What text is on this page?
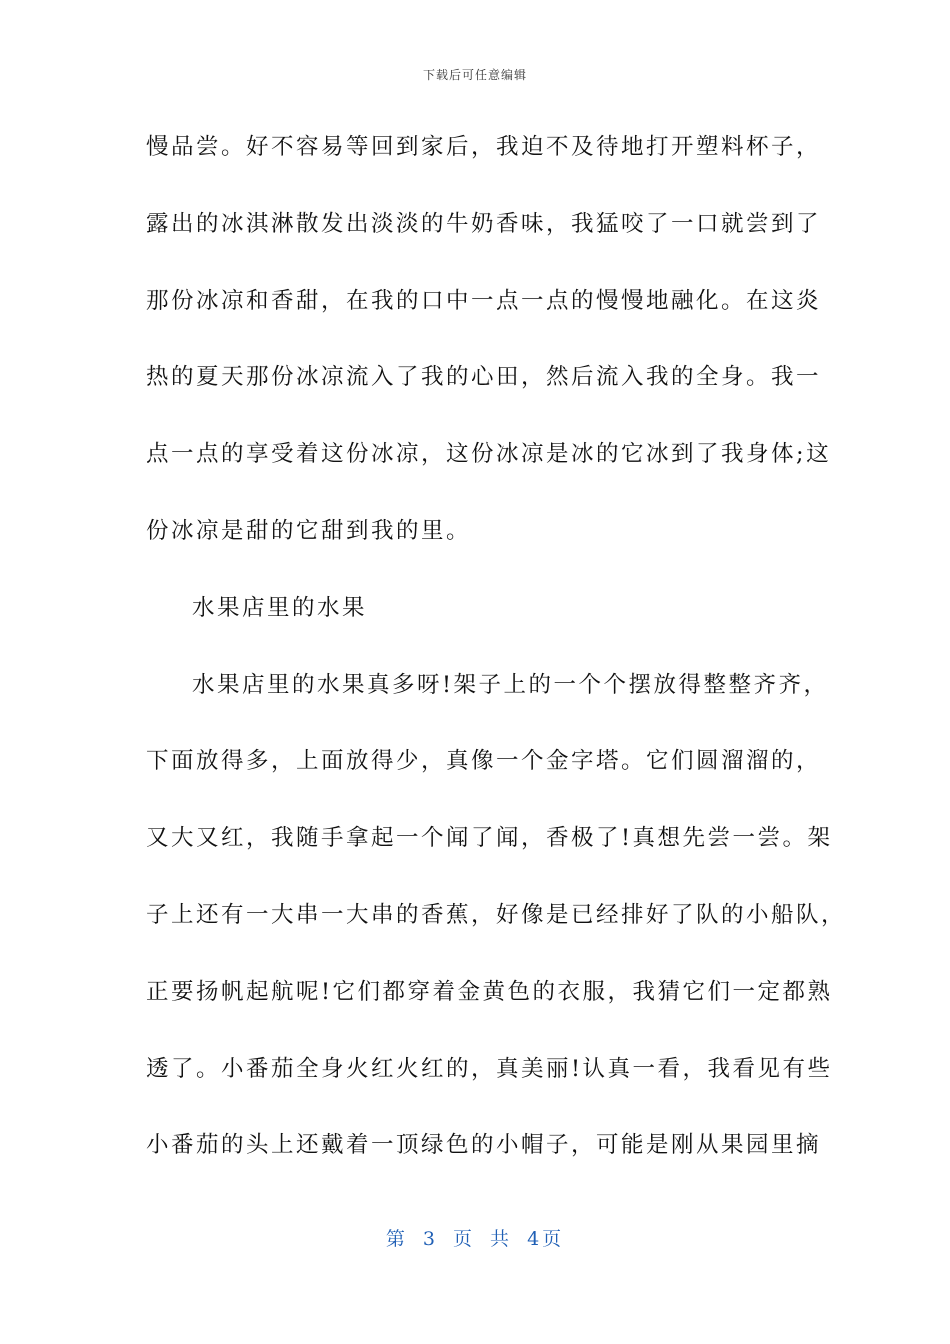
下载后可任意编辑
慢品尝。好不容易等回到家后，我迫不及待地打开塑料杯子，
露出的冰淇淋散发出淡淡的牛奶香味，我猛咬了一口就尝到了
那份冰凉和香甜，在我的口中一点一点的慢慢地融化。在这炎
热的夏天那份冰凉流入了我的心田，然后流入我的全身。我一
点一点的享受着这份冰凉，这份冰凉是冰的它冰到了我身体;这
份冰凉是甜的它甜到我的里。
水果店里的水果
水果店里的水果真多呀!架子上的一个个摆放得整整齐齐，
下面放得多，上面放得少，真像一个金字塔。它们圆溜溜的，
又大又红，我随手拿起一个闻了闻，香极了!真想先尝一尝。架
子上还有一大串一大串的香蕉，好像是已经排好了队的小船队，
正要扬帆起航呢!它们都穿着金黄色的衣服，我猜它们一定都熟
透了。小番茄全身火红火红的，真美丽!认真一看，我看见有些
小番茄的头上还戴着一顶绿色的小帽子，可能是刚从果园里摘
第 3 页 共 4页
